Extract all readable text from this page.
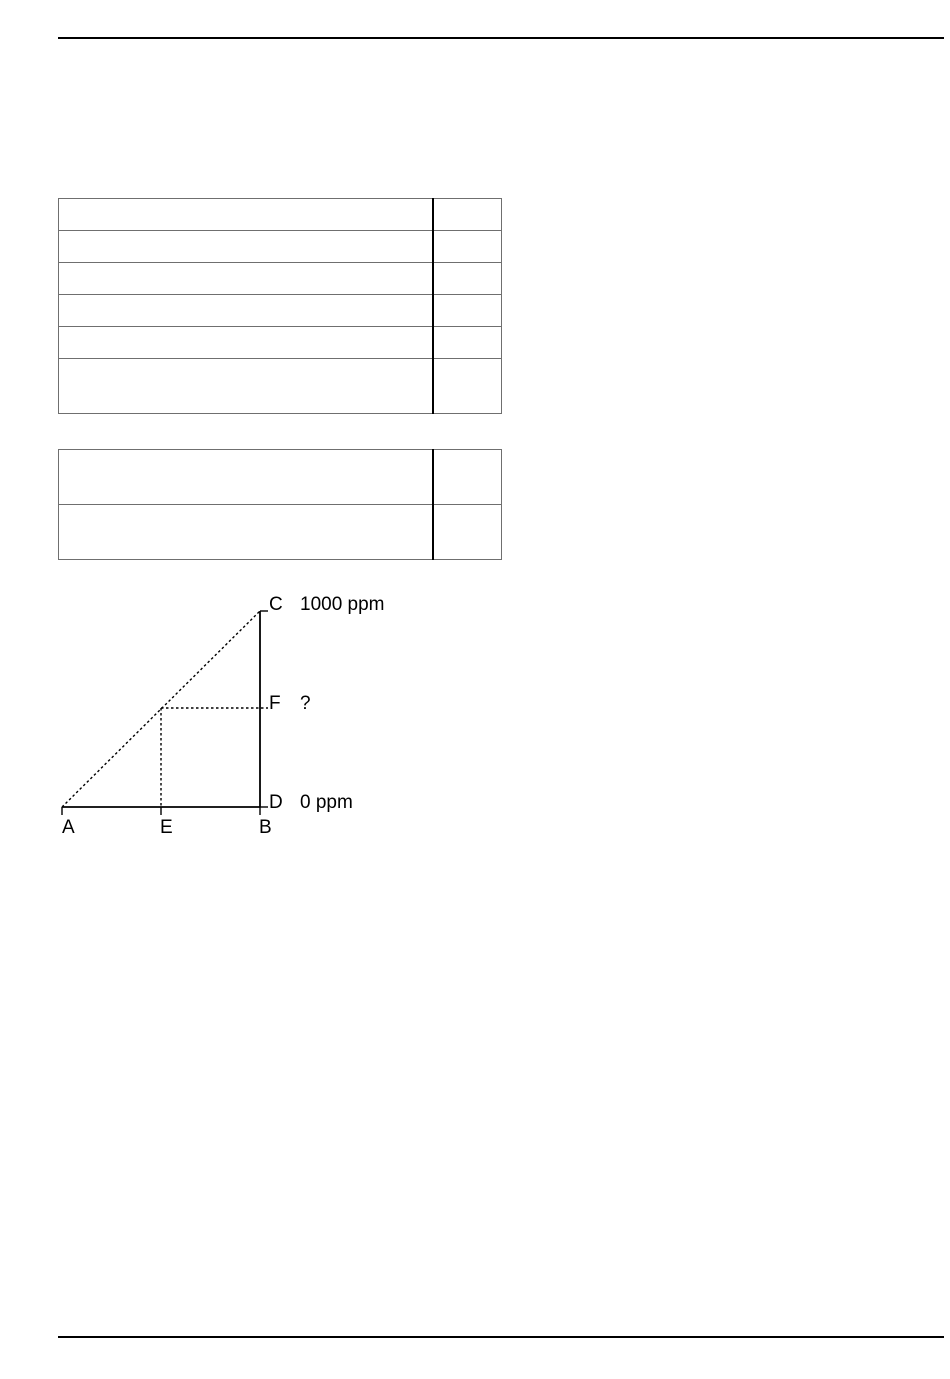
C
F
D
A	E	B
1000 ppm
?
0 ppm
